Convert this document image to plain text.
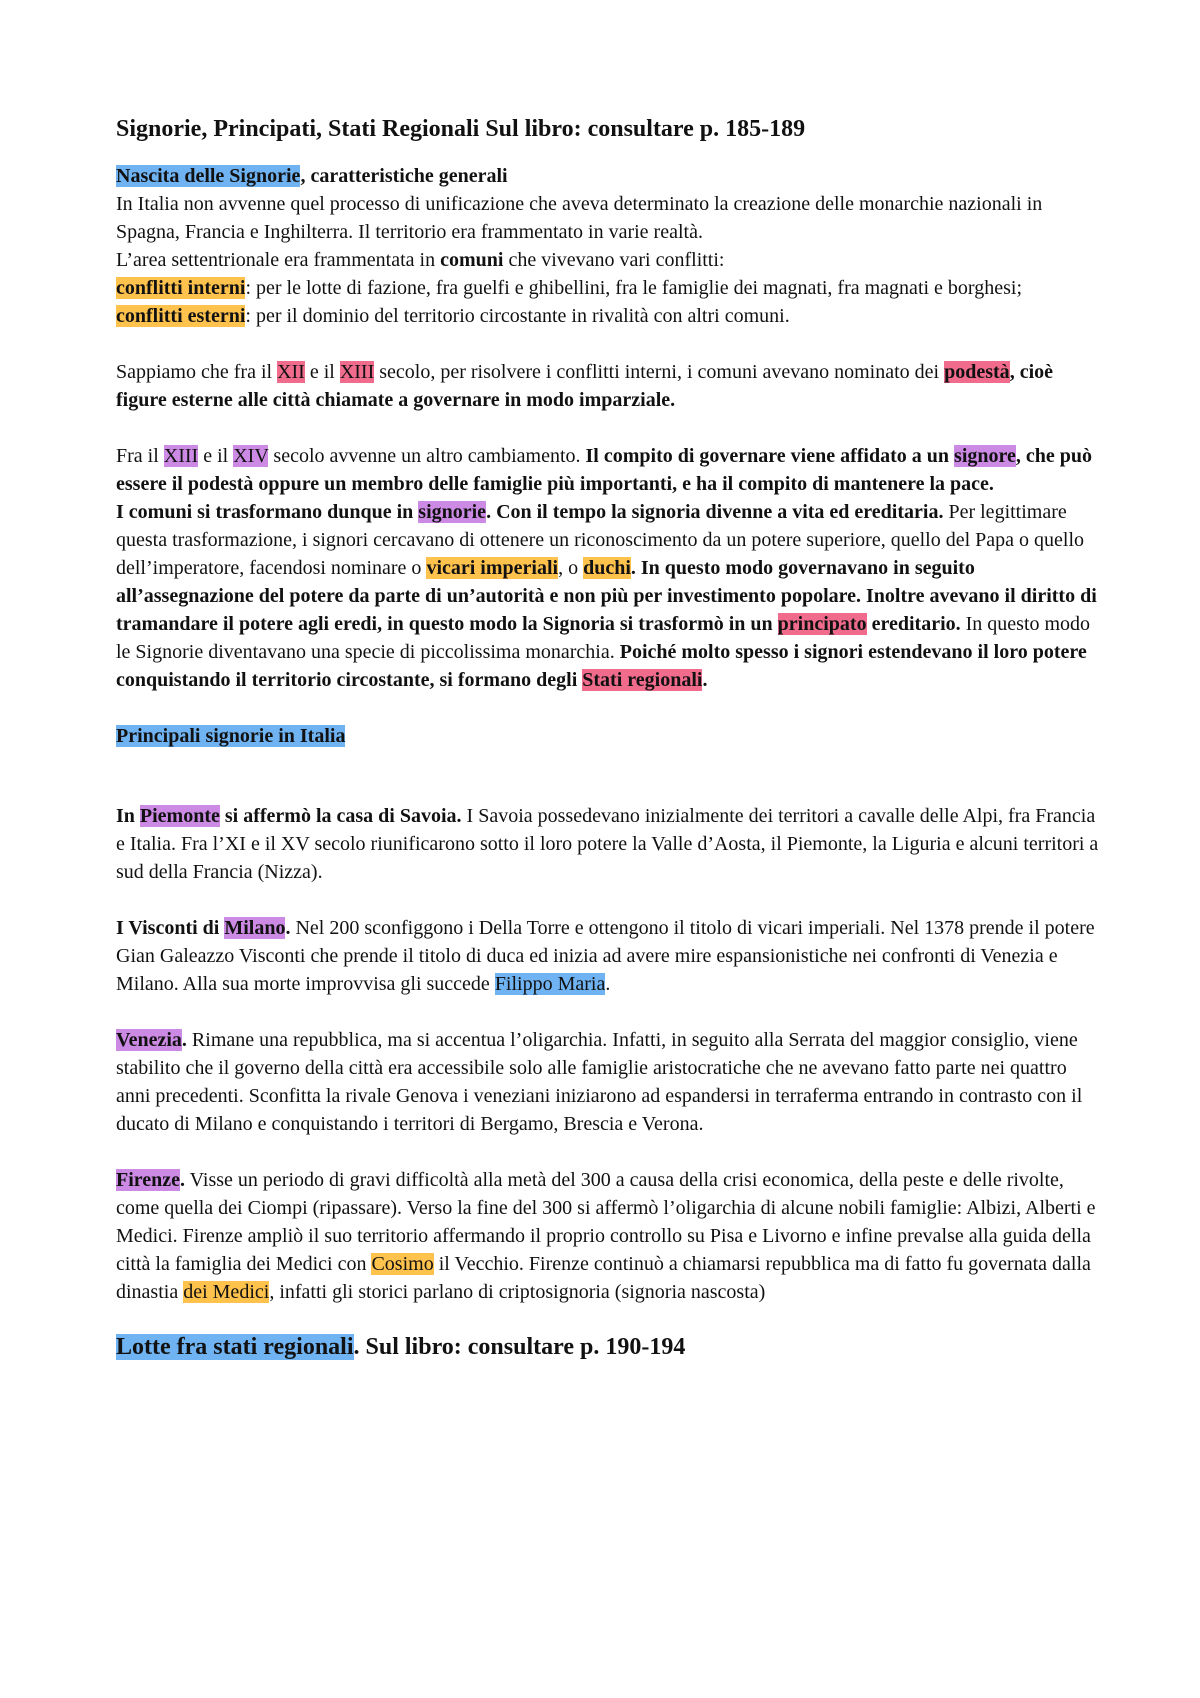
Signorie, Principati, Stati Regionali Sul libro: consultare p. 185-189

Nascita delle Signorie, caratteristiche generali

In Italia non avvenne quel processo di unificazione che aveva determinato la creazione delle monarchie nazionali in Spagna, Francia e Inghilterra. Il territorio era frammentato in varie realtà.

L’area settentrionale era frammentata in comuni che vivevano vari conflitti:

conflitti interni: per le lotte di fazione, fra guelfi e ghibellini, fra le famiglie dei magnati, fra magnati e borghesi;

conflitti esterni: per il dominio del territorio circostante in rivalità con altri comuni.

Sappiamo che fra il XII e il XIII secolo, per risolvere i conflitti interni, i comuni avevano nominato dei podestà, cioè figure esterne alle città chiamate a governare in modo imparziale.

Fra il XIII e il XIV secolo avvenne un altro cambiamento. Il compito di governare viene affidato a un signore, che può essere il podestà oppure un membro delle famiglie più importanti, e ha il compito di mantenere la pace.

I comuni si trasformano dunque in signorie. Con il tempo la signoria divenne a vita ed ereditaria. Per legittimare questa trasformazione, i signori cercavano di ottenere un riconoscimento da un potere superiore, quello del Papa o quello dell’imperatore, facendosi nominare o vicari imperiali, o duchi. In questo modo governavano in seguito all’assegnazione del potere da parte di un’autorità e non più per investimento popolare. Inoltre avevano il diritto di tramandare il potere agli eredi, in questo modo la Signoria si trasformò in un principato ereditario. In questo modo le Signorie diventavano una specie di piccolissima monarchia. Poiché molto spesso i signori estendevano il loro potere conquistando il territorio circostante, si formano degli Stati regionali.

Principali signorie in Italia

In Piemonte si affermò la casa di Savoia. I Savoia possedevano inizialmente dei territori a cavalle delle Alpi, fra Francia e Italia. Fra l’XI e il XV secolo riunificarono sotto il loro potere la Valle d’Aosta, il Piemonte, la Liguria e alcuni territori a sud della Francia (Nizza).

I Visconti di Milano. Nel 200 sconfiggono i Della Torre e ottengono il titolo di vicari imperiali. Nel 1378 prende il potere Gian Galeazzo Visconti che prende il titolo di duca ed inizia ad avere mire espansionistiche nei confronti di Venezia e Milano. Alla sua morte improvvisa gli succede Filippo Maria.

Venezia. Rimane una repubblica, ma si accentua l’oligarchia. Infatti, in seguito alla Serrata del maggior consiglio, viene stabilito che il governo della città era accessibile solo alle famiglie aristocratiche che ne avevano fatto parte nei quattro anni precedenti. Sconfitta la rivale Genova i veneziani iniziarono ad espandersi in terraferma entrando in contrasto con il ducato di Milano e conquistando i territori di Bergamo, Brescia e Verona.

Firenze. Visse un periodo di gravi difficoltà alla metà del 300 a causa della crisi economica, della peste e delle rivolte, come quella dei Ciompi (ripassare). Verso la fine del 300 si affermò l’oligarchia di alcune nobili famiglie: Albizi, Alberti e Medici. Firenze ampliò il suo territorio affermando il proprio controllo su Pisa e Livorno e infine prevalse alla guida della città la famiglia dei Medici con Cosimo il Vecchio. Firenze continuò a chiamarsi repubblica ma di fatto fu governata dalla dinastia dei Medici, infatti gli storici parlano di criptosignoria (signoria nascosta)

Lotte fra stati regionali. Sul libro: consultare p. 190-194
